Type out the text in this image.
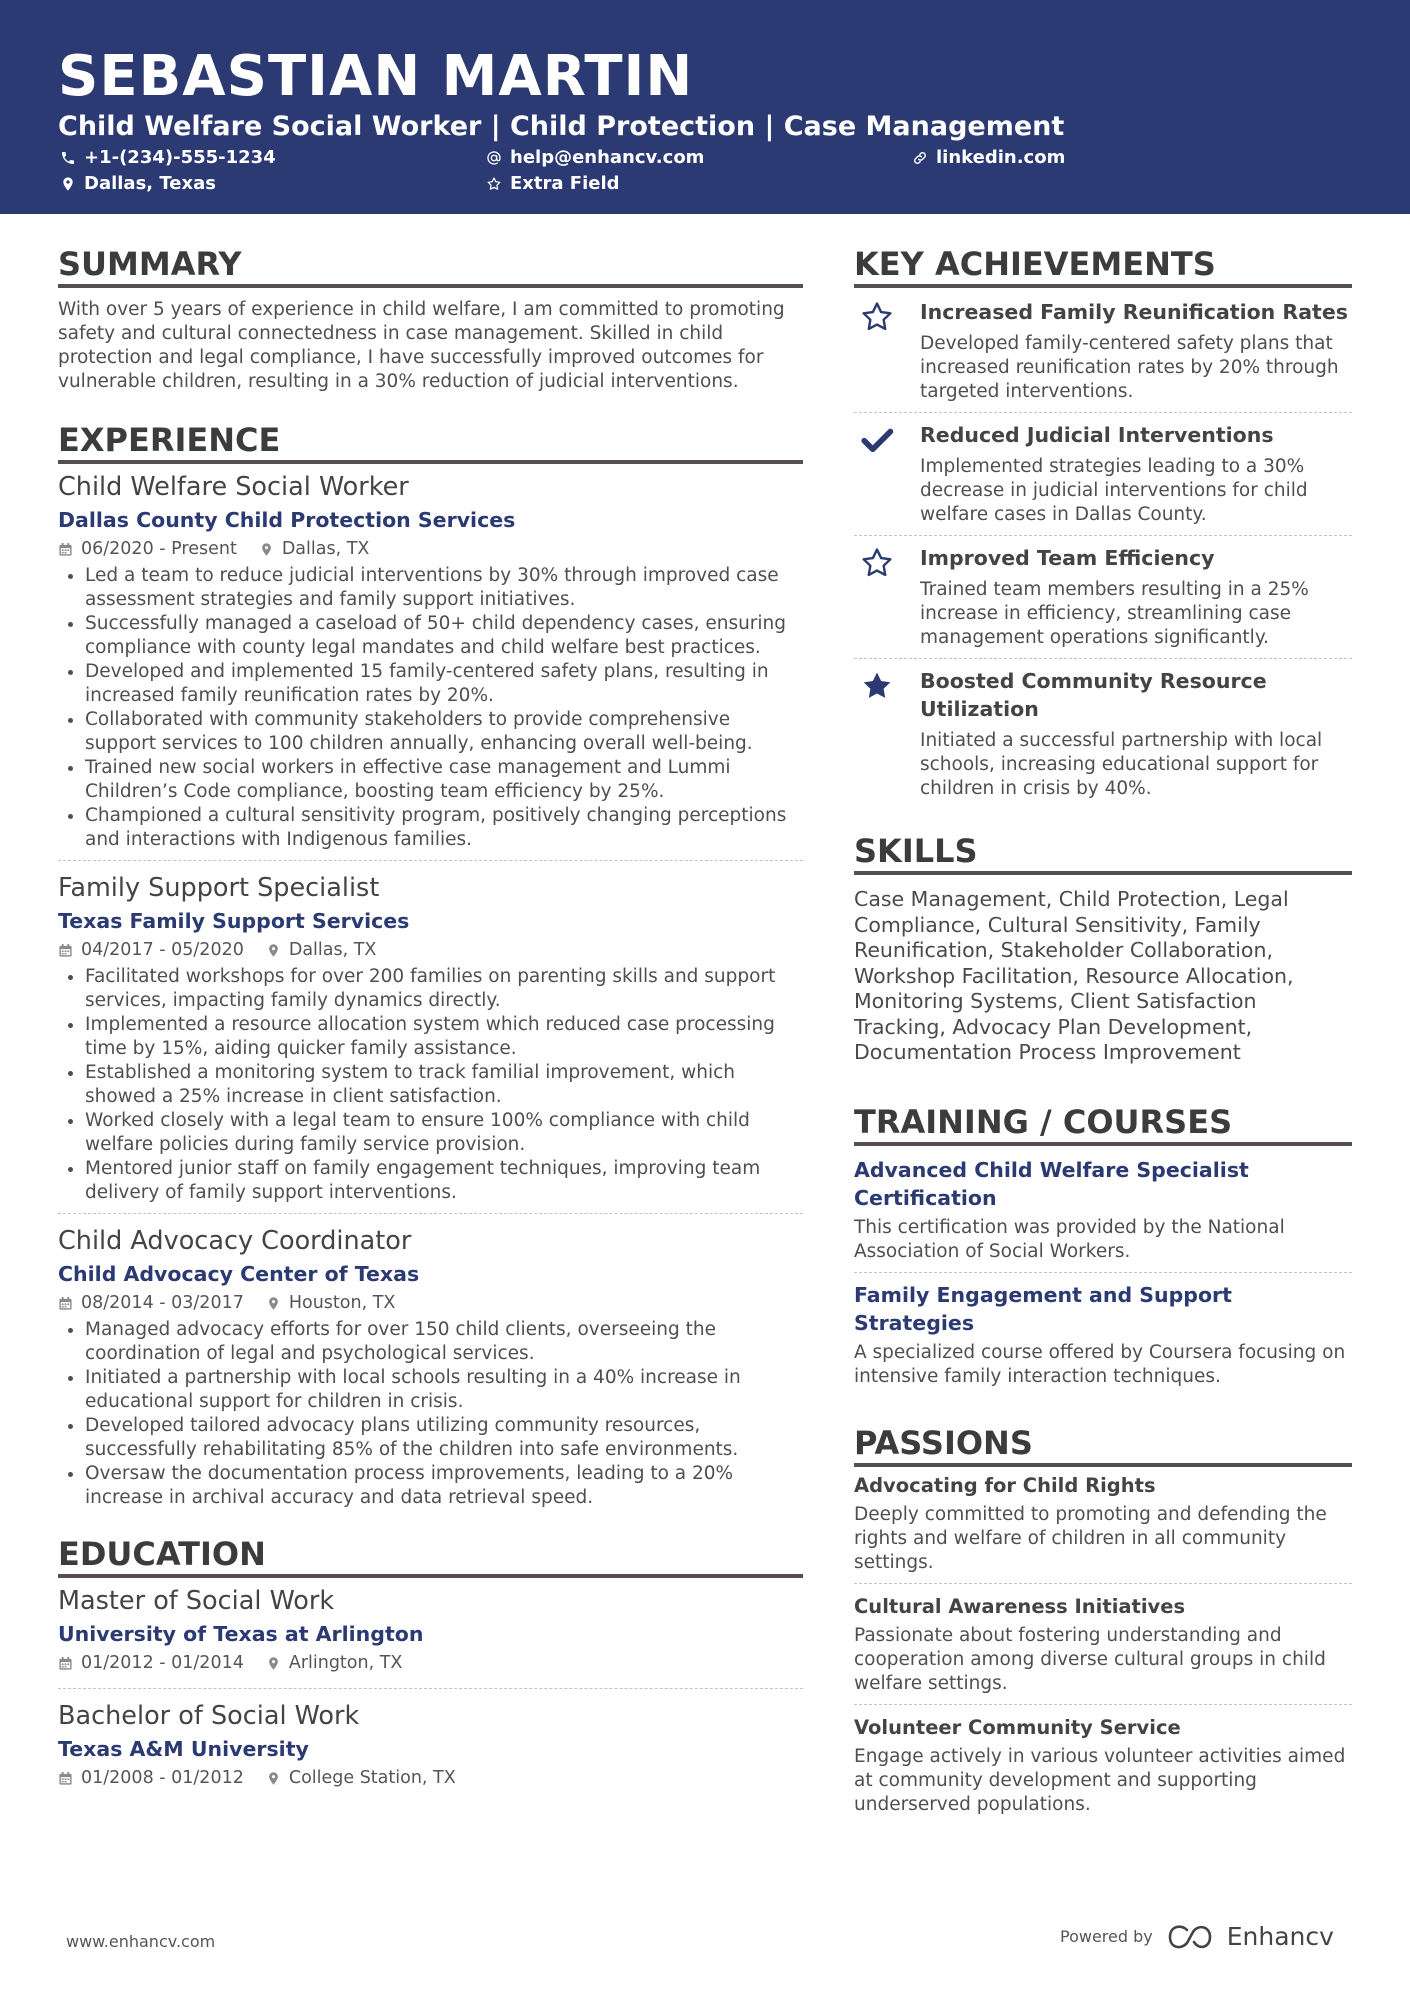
SEBASTIAN MARTIN

Child Welfare Social Worker | Child Protection | Case Management

+1-(234)-555-1234	help@enhancv.com	linkedin.com
Dallas, Texas	Extra Field
SUMMARY

With over 5 years of experience in child welfare, I am committed to promoting safety and cultural connectedness in case management. Skilled in child protection and legal compliance, I have successfully improved outcomes for vulnerable children, resulting in a 30% reduction of judicial interventions.

EXPERIENCE

Child Welfare Social Worker

Dallas County Child Protection Services

06/2020 - Present	Dallas, TX
• Led a team to reduce judicial interventions by 30% through improved case assessment strategies and family support initiatives.
• Successfully managed a caseload of 50+ child dependency cases, ensuring compliance with county legal mandates and child welfare best practices.
• Developed and implemented 15 family-centered safety plans, resulting in increased family reunification rates by 20%.
• Collaborated with community stakeholders to provide comprehensive support services to 100 children annually, enhancing overall well-being.
• Trained new social workers in effective case management and Lummi Children’s Code compliance, boosting team efficiency by 25%.
• Championed a cultural sensitivity program, positively changing perceptions and interactions with Indigenous families.

Family Support Specialist

Texas Family Support Services

04/2017 - 05/2020	Dallas, TX
• Facilitated workshops for over 200 families on parenting skills and support services, impacting family dynamics directly.
• Implemented a resource allocation system which reduced case processing time by 15%, aiding quicker family assistance.
• Established a monitoring system to track familial improvement, which showed a 25% increase in client satisfaction.
• Worked closely with a legal team to ensure 100% compliance with child welfare policies during family service provision.
• Mentored junior staff on family engagement techniques, improving team delivery of family support interventions.

Child Advocacy Coordinator

Child Advocacy Center of Texas

08/2014 - 03/2017	Houston, TX
• Managed advocacy efforts for over 150 child clients, overseeing the coordination of legal and psychological services.
• Initiated a partnership with local schools resulting in a 40% increase in educational support for children in crisis.
• Developed tailored advocacy plans utilizing community resources, successfully rehabilitating 85% of the children into safe environments.
• Oversaw the documentation process improvements, leading to a 20% increase in archival accuracy and data retrieval speed.
EDUCATION

Master of Social Work

University of Texas at Arlington

01/2012 - 01/2014	Arlington, TX

Bachelor of Social Work

Texas A&M University

01/2008 - 01/2012	College Station, TX
KEY ACHIEVEMENTS

Increased Family Reunification Rates

Developed family-centered safety plans that increased reunification rates by 20% through targeted interventions.

Reduced Judicial Interventions

Implemented strategies leading to a 30% decrease in judicial interventions for child welfare cases in Dallas County.

Improved Team Efficiency

Trained team members resulting in a 25% increase in efficiency, streamlining case management operations significantly.

Boosted Community Resource Utilization

Initiated a successful partnership with local schools, increasing educational support for children in crisis by 40%.

SKILLS

Case Management, Child Protection, Legal Compliance, Cultural Sensitivity, Family Reunification, Stakeholder Collaboration, Workshop Facilitation, Resource Allocation, Monitoring Systems, Client Satisfaction Tracking, Advocacy Plan Development, Documentation Process Improvement

TRAINING / COURSES

Advanced Child Welfare Specialist Certification

This certification was provided by the National Association of Social Workers.

Family Engagement and Support Strategies

A specialized course offered by Coursera focusing on intensive family interaction techniques.

PASSIONS

Advocating for Child Rights

Deeply committed to promoting and defending the rights and welfare of children in all community settings.

Cultural Awareness Initiatives

Passionate about fostering understanding and cooperation among diverse cultural groups in child welfare settings.

Volunteer Community Service

Engage actively in various volunteer activities aimed at community development and supporting underserved populations.

www.enhancv.com	Powered by	Enhancv
